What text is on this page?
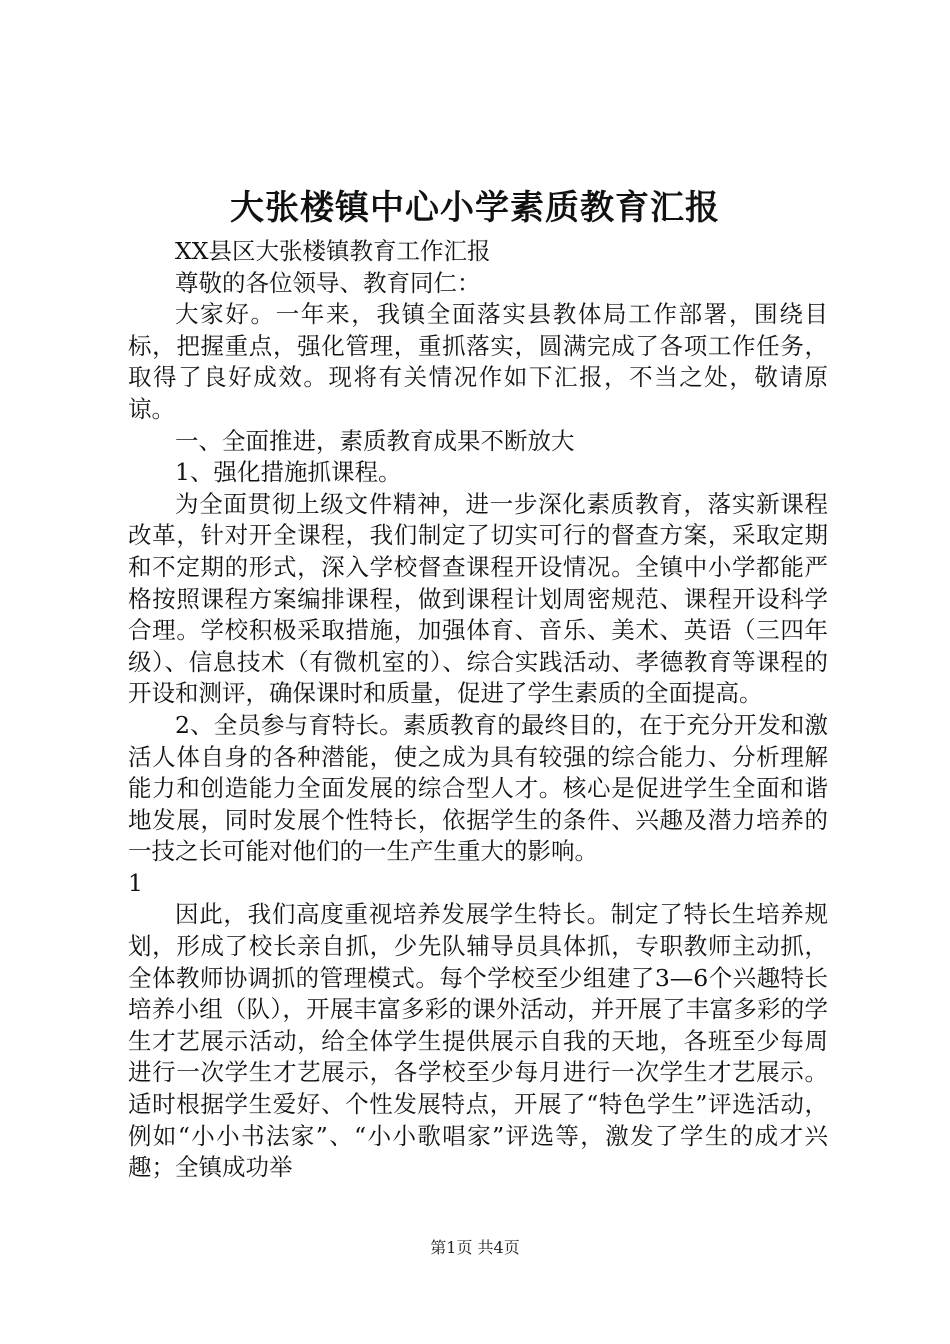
大张楼镇中心小学素质教育汇报

XX县区大张楼镇教育工作汇报

尊敬的各位领导、教育同仁：

大家好。一年来，我镇全面落实县教体局工作部署，围绕目标，把握重点，强化管理，重抓落实，圆满完成了各项工作任务，取得了良好成效。现将有关情况作如下汇报，不当之处，敬请原谅。

一、全面推进，素质教育成果不断放大

1、强化措施抓课程。

为全面贯彻上级文件精神，进一步深化素质教育，落实新课程改革，针对开全课程，我们制定了切实可行的督查方案，采取定期和不定期的形式，深入学校督查课程开设情况。全镇中小学都能严格按照课程方案编排课程，做到课程计划周密规范、课程开设科学合理。学校积极采取措施，加强体育、音乐、美术、英语（三四年级）、信息技术（有微机室的）、综合实践活动、孝德教育等课程的开设和测评，确保课时和质量，促进了学生素质的全面提高。

2、全员参与育特长。素质教育的最终目的，在于充分开发和激活人体自身的各种潜能，使之成为具有较强的综合能力、分析理解能力和创造能力全面发展的综合型人才。核心是促进学生全面和谐地发展，同时发展个性特长，依据学生的条件、兴趣及潜力培养的一技之长可能对他们的一生产生重大的影响。

1

因此，我们高度重视培养发展学生特长。制定了特长生培养规划，形成了校长亲自抓，少先队辅导员具体抓，专职教师主动抓，全体教师协调抓的管理模式。每个学校至少组建了3—6个兴趣特长培养小组（队），开展丰富多彩的课外活动，并开展了丰富多彩的学生才艺展示活动，给全体学生提供展示自我的天地，各班至少每周进行一次学生才艺展示，各学校至少每月进行一次学生才艺展示。适时根据学生爱好、个性发展特点，开展了“特色学生”评选活动，例如“小小书法家”、“小小歌唱家”评选等，激发了学生的成才兴趣；全镇成功举

第1页 共4页
